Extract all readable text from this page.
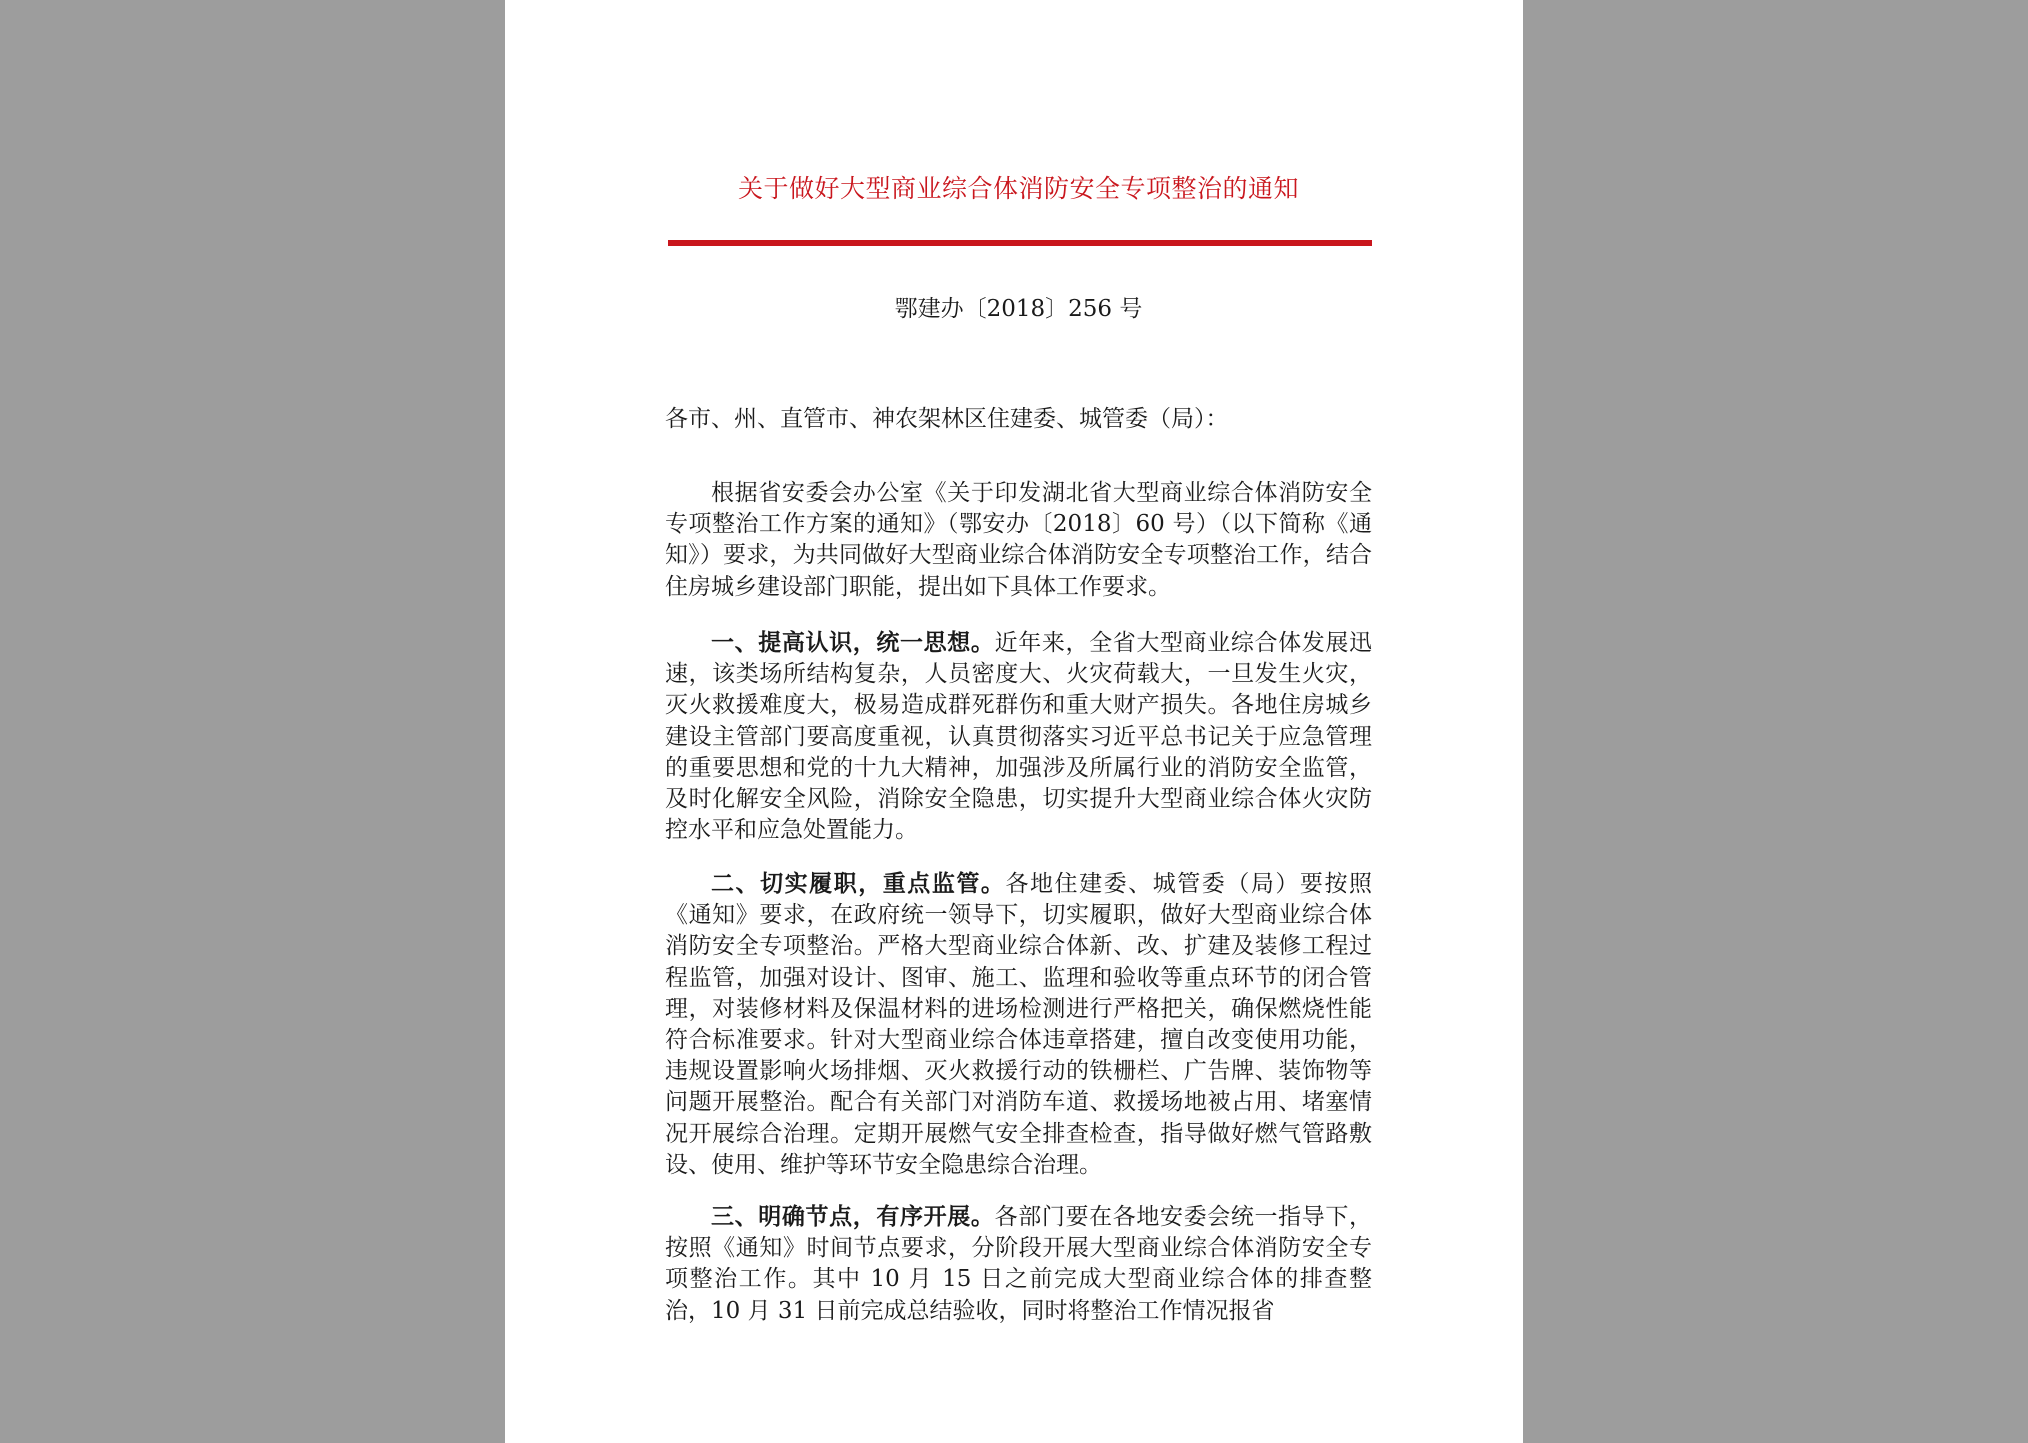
关于做好大型商业综合体消防安全专项整治的通知
鄂建办〔2018〕256 号
各市、州、直管市、神农架林区住建委、城管委（局）：

根据省安委会办公室《关于印发湖北省大型商业综合体消防安全专项整治工作方案的通知》（鄂安办〔2018〕60 号）（以下简称《通知》）要求，为共同做好大型商业综合体消防安全专项整治工作，结合住房城乡建设部门职能，提出如下具体工作要求。

一、提高认识，统一思想。近年来，全省大型商业综合体发展迅速，该类场所结构复杂，人员密度大、火灾荷载大，一旦发生火灾，灭火救援难度大，极易造成群死群伤和重大财产损失。各地住房城乡建设主管部门要高度重视，认真贯彻落实习近平总书记关于应急管理的重要思想和党的十九大精神，加强涉及所属行业的消防安全监管，及时化解安全风险，消除安全隐患，切实提升大型商业综合体火灾防控水平和应急处置能力。

二、切实履职，重点监管。各地住建委、城管委（局）要按照《通知》要求，在政府统一领导下，切实履职，做好大型商业综合体消防安全专项整治。严格大型商业综合体新、改、扩建及装修工程过程监管，加强对设计、图审、施工、监理和验收等重点环节的闭合管理，对装修材料及保温材料的进场检测进行严格把关，确保燃烧性能符合标准要求。针对大型商业综合体违章搭建，擅自改变使用功能，违规设置影响火场排烟、灭火救援行动的铁栅栏、广告牌、装饰物等问题开展整治。配合有关部门对消防车道、救援场地被占用、堵塞情况开展综合治理。定期开展燃气安全排查检查，指导做好燃气管路敷设、使用、维护等环节安全隐患综合治理。

三、明确节点，有序开展。各部门要在各地安委会统一指导下，按照《通知》时间节点要求，分阶段开展大型商业综合体消防安全专项整治工作。其中 10 月 15 日之前完成大型商业综合体的排查整治，10 月 31 日前完成总结验收，同时将整治工作情况报省
